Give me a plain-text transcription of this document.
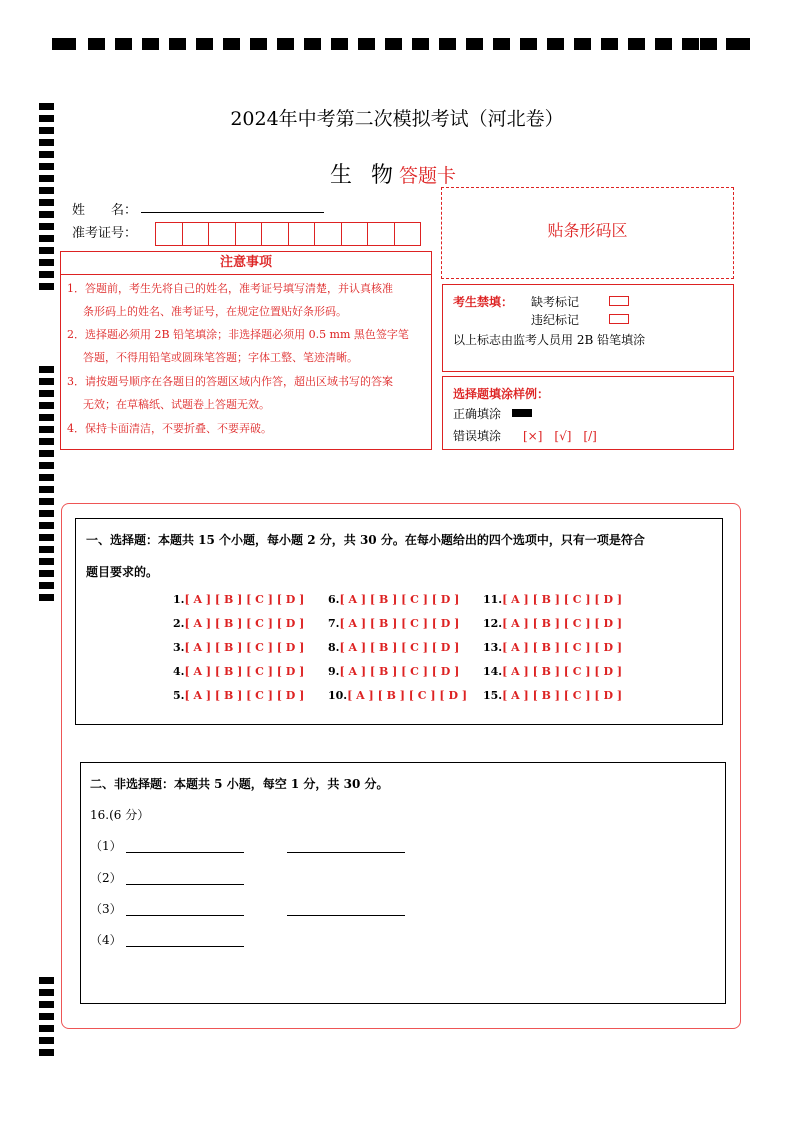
2024年中考第二次模拟考试（河北卷）
生 物答题卡
姓　　名：
准考证号：
注意事项

1．答题前，考生先将自己的姓名，准考证号填写清楚，并认真核准

条形码上的姓名、准考证号，在规定位置贴好条形码。

2．选择题必须用 2B 铅笔填涂；非选择题必须用 0.5 mm 黑色签字笔

答题，不得用铅笔或圆珠笔答题；字体工整、笔迹清晰。

3．请按题号顺序在各题目的答题区域内作答，超出区域书写的答案

无效；在草稿纸、试题卷上答题无效。

4．保持卡面清洁，不要折叠、不要弄破。

贴条形码区
考生禁填： 缺考标记
违纪标记
以上标志由监考人员用 2B 铅笔填涂
选择题填涂样例：
正确填涂
错误填涂 [×]　[√]　[/]
一、选择题：本题共 15 个小题，每小题 2 分，共 30 分。在每小题给出的四个选项中，只有一项是符合
题目要求的。
1.[ A ] [ B ] [ C ] [ D ]
2.[ A ] [ B ] [ C ] [ D ]
3.[ A ] [ B ] [ C ] [ D ]
4.[ A ] [ B ] [ C ] [ D ]
5.[ A ] [ B ] [ C ] [ D ]
6.[ A ] [ B ] [ C ] [ D ]
7.[ A ] [ B ] [ C ] [ D ]
8.[ A ] [ B ] [ C ] [ D ]
9.[ A ] [ B ] [ C ] [ D ]
10.[ A ] [ B ] [ C ] [ D ]
11.[ A ] [ B ] [ C ] [ D ]
12.[ A ] [ B ] [ C ] [ D ]
13.[ A ] [ B ] [ C ] [ D ]
14.[ A ] [ B ] [ C ] [ D ]
15.[ A ] [ B ] [ C ] [ D ]
二、非选择题：本题共 5 小题，每空 1 分，共 30 分。
16.(6 分）
（1）
（2）
（3）
（4）
